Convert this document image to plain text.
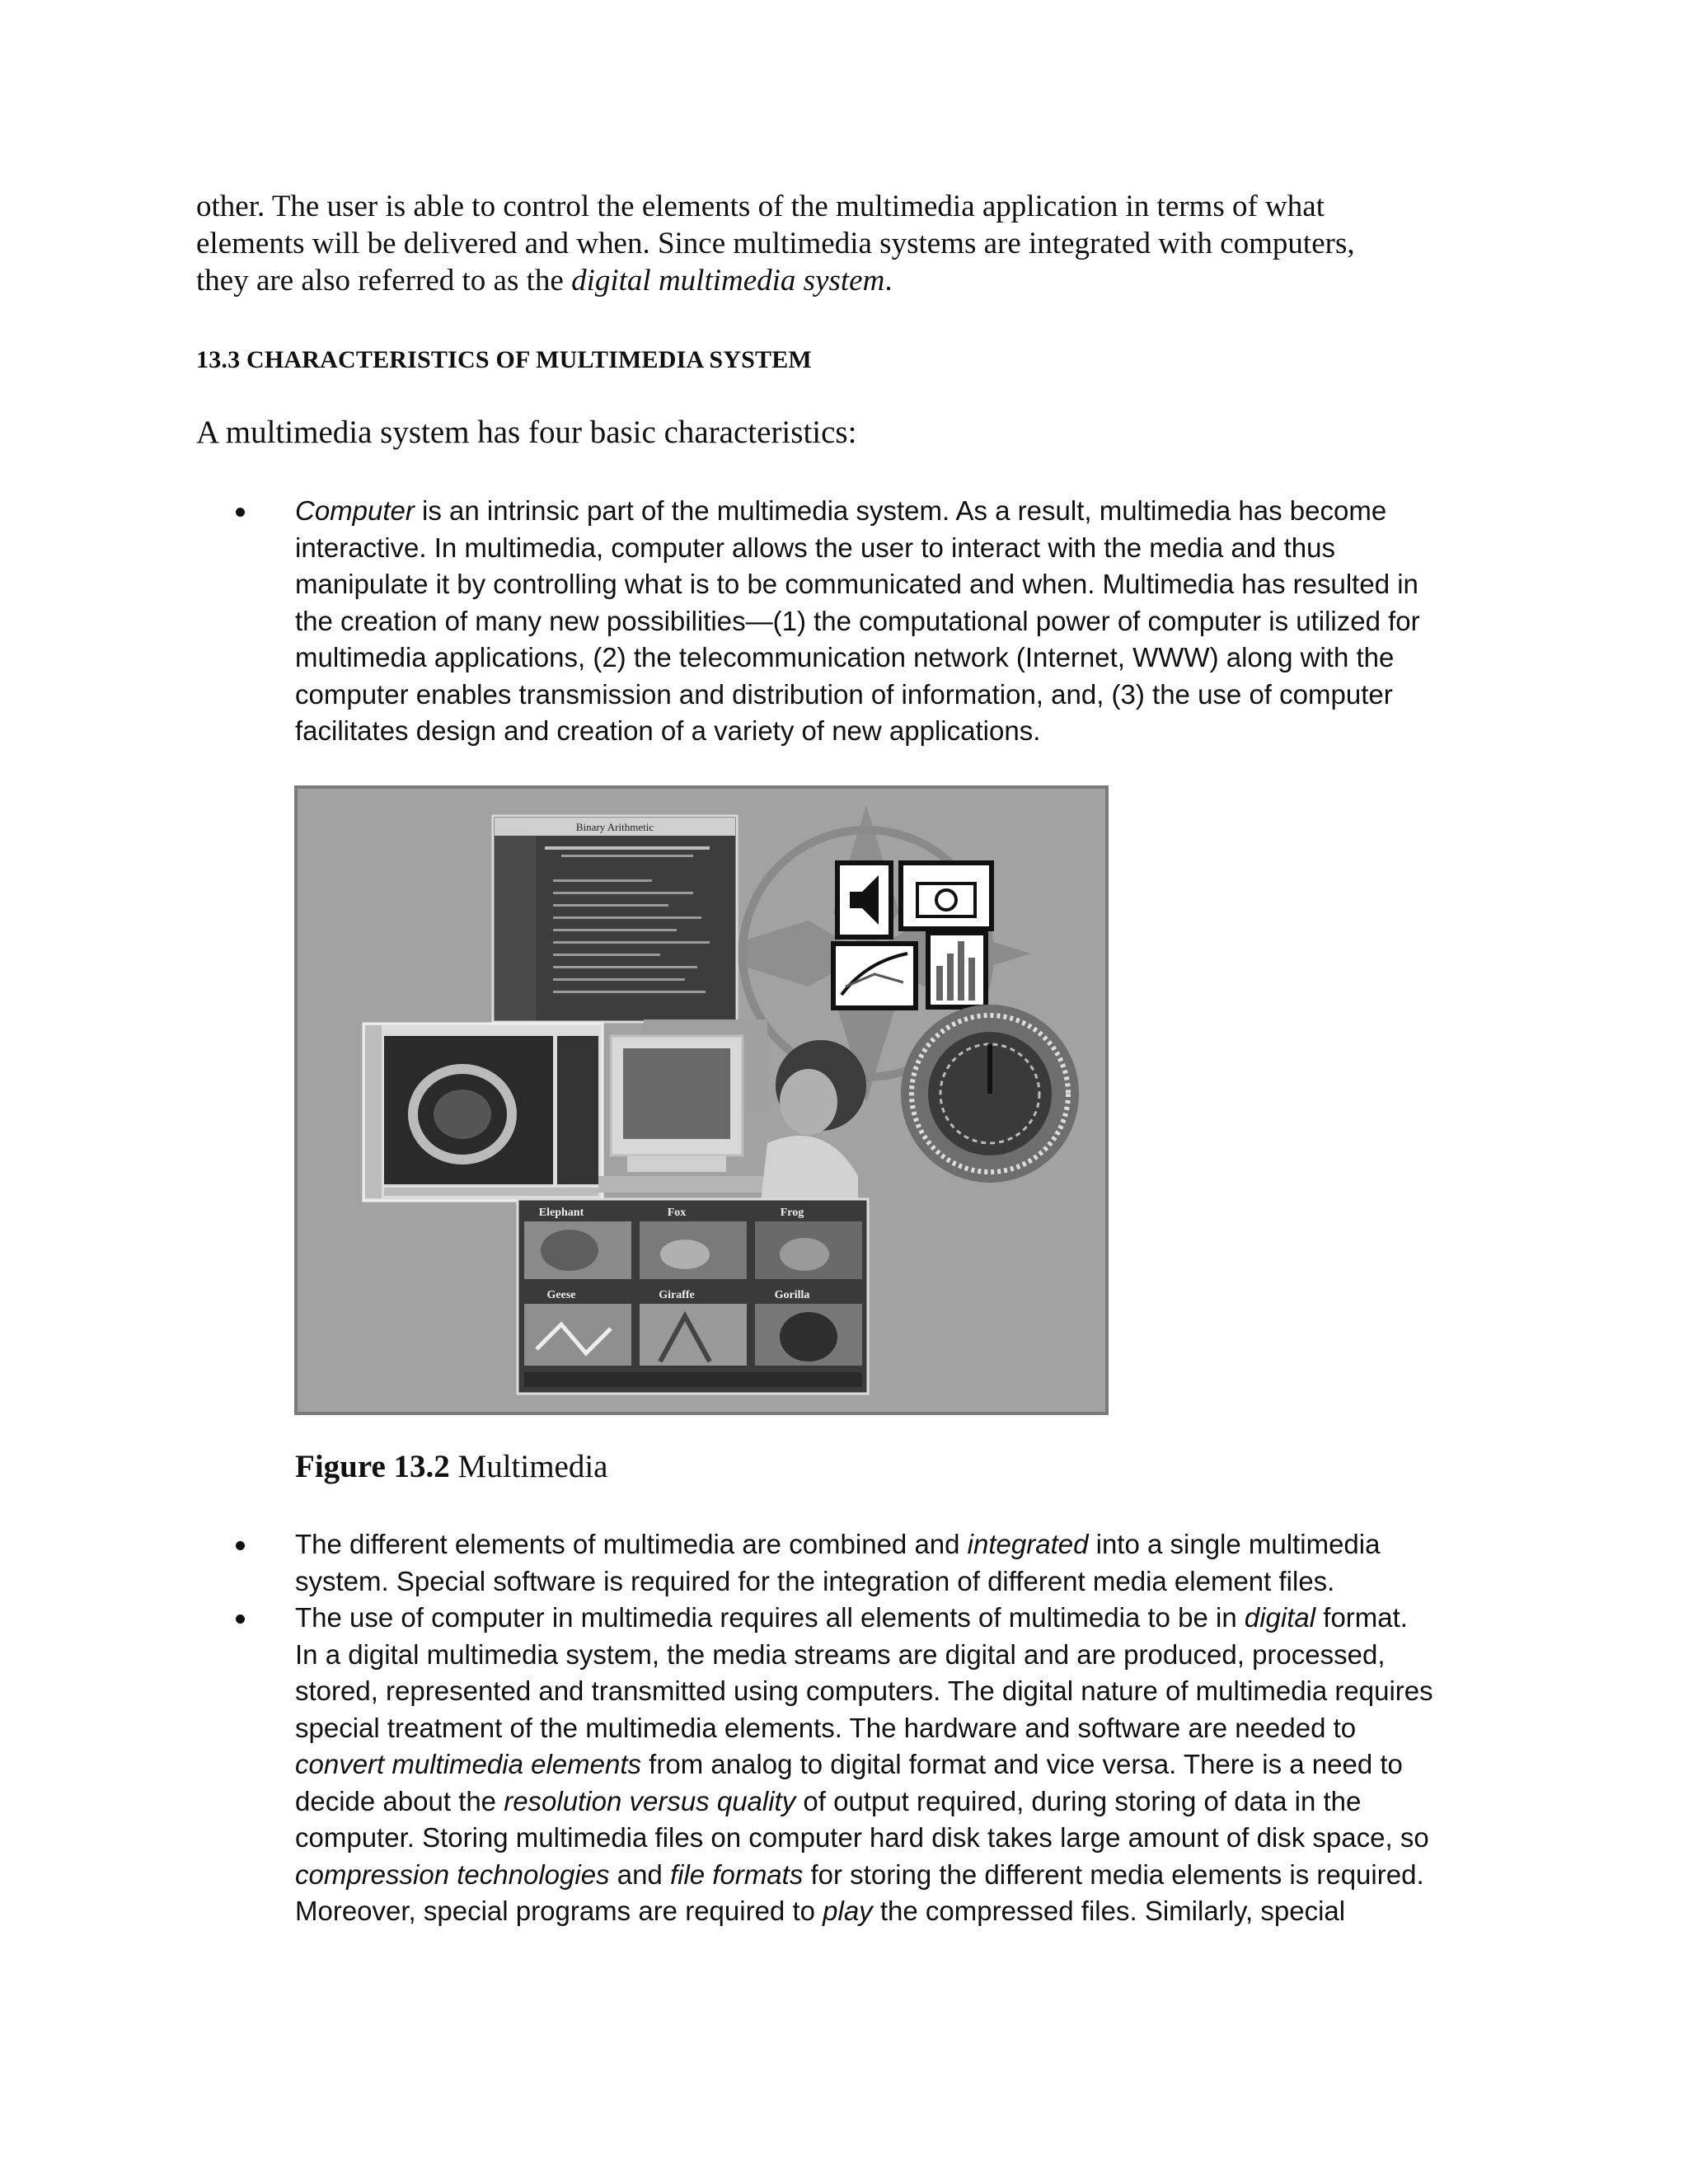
other. The user is able to control the elements of the multimedia application in terms of what

elements will be delivered and when. Since multimedia systems are integrated with computers,

they are also referred to as the digital multimedia system.

13.3 CHARACTERISTICS OF MULTIMEDIA SYSTEM
A multimedia system has four basic characteristics:
Computer is an intrinsic part of the multimedia system. As a result, multimedia has become
interactive. In multimedia, computer allows the user to interact with the media and thus
manipulate it by controlling what is to be communicated and when. Multimedia has resulted in
the creation of many new possibilities—(1) the computational power of computer is utilized for
multimedia applications, (2) the telecommunication network (Internet, WWW) along with the
computer enables transmission and distribution of information, and, (3) the use of computer
facilitates design and creation of a variety of new applications.
Binary Arithmetic
Elephant	Fox	Frog
Geese	Giraffe	Gorilla
Figure 13.2 Multimedia
The different elements of multimedia are combined and integrated into a single multimedia
system. Special software is required for the integration of different media element files.
The use of computer in multimedia requires all elements of multimedia to be in digital format.
In a digital multimedia system, the media streams are digital and are produced, processed,
stored, represented and transmitted using computers. The digital nature of multimedia requires
special treatment of the multimedia elements. The hardware and software are needed to
convert multimedia elements from analog to digital format and vice versa. There is a need to
decide about the resolution versus quality of output required, during storing of data in the
computer. Storing multimedia files on computer hard disk takes large amount of disk space, so
compression technologies and file formats for storing the different media elements is required.
Moreover, special programs are required to play the compressed files. Similarly, special
